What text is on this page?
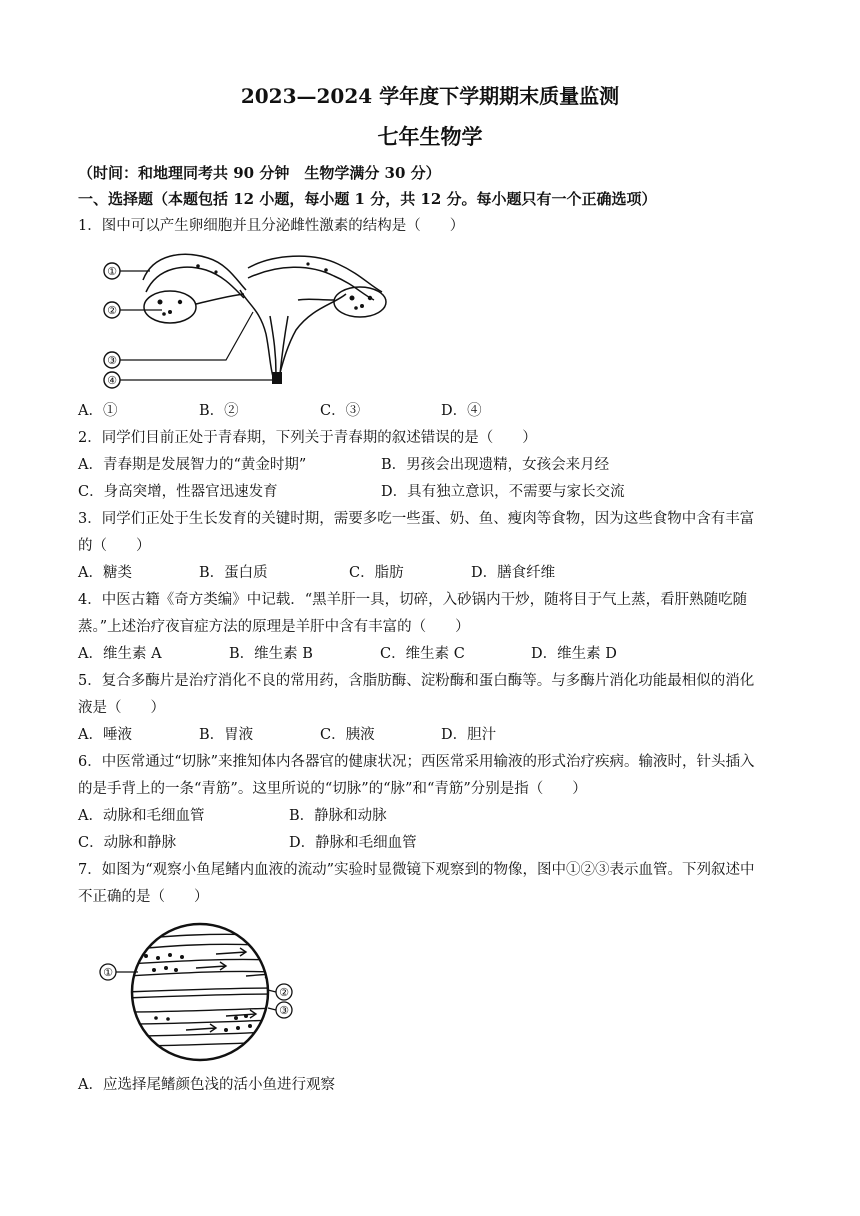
2023—2024 学年度下学期期末质量监测
七年生物学
（时间：和地理同考共 90 分钟　生物学满分 30 分）
一、选择题（本题包括 12 小题，每小题 1 分，共 12 分。每小题只有一个正确选项）
1．图中可以产生卵细胞并且分泌雌性激素的结构是（　　）
①
②
③
④
A．①	B．②	C．③	D．④
2．同学们目前正处于青春期，下列关于青春期的叙述错误的是（　　）
A．青春期是发展智力的“黄金时期”	B．男孩会出现遗精，女孩会来月经
C．身高突增，性器官迅速发育	D．具有独立意识，不需要与家长交流
3．同学们正处于生长发育的关键时期，需要多吃一些蛋、奶、鱼、瘦肉等食物，因为这些食物中含有丰富
的（　　）
A．糖类	B．蛋白质	C．脂肪	D．膳食纤维
4．中医古籍《奇方类编》中记载．“黑羊肝一具，切碎，入砂锅内干炒，随将目于气上蒸，看肝熟随吃随
蒸。”上述治疗夜盲症方法的原理是羊肝中含有丰富的（　　）
A．维生素 A	B．维生素 B	C．维生素 C	D．维生素 D
5．复合多酶片是治疗消化不良的常用药，含脂肪酶、淀粉酶和蛋白酶等。与多酶片消化功能最相似的消化
液是（　　）
A．唾液	B．胃液	C．胰液	D．胆汁
6．中医常通过“切脉”来推知体内各器官的健康状况；西医常采用输液的形式治疗疾病。输液时，针头插入
的是手背上的一条“青筋”。这里所说的“切脉”的“脉”和“青筋”分别是指（　　）
A．动脉和毛细血管	B．静脉和动脉
C．动脉和静脉	D．静脉和毛细血管
7．如图为“观察小鱼尾鳍内血液的流动”实验时显微镜下观察到的物像，图中①②③表示血管。下列叙述中
不正确的是（　　）
①
②
③
A．应选择尾鳍颜色浅的活小鱼进行观察
